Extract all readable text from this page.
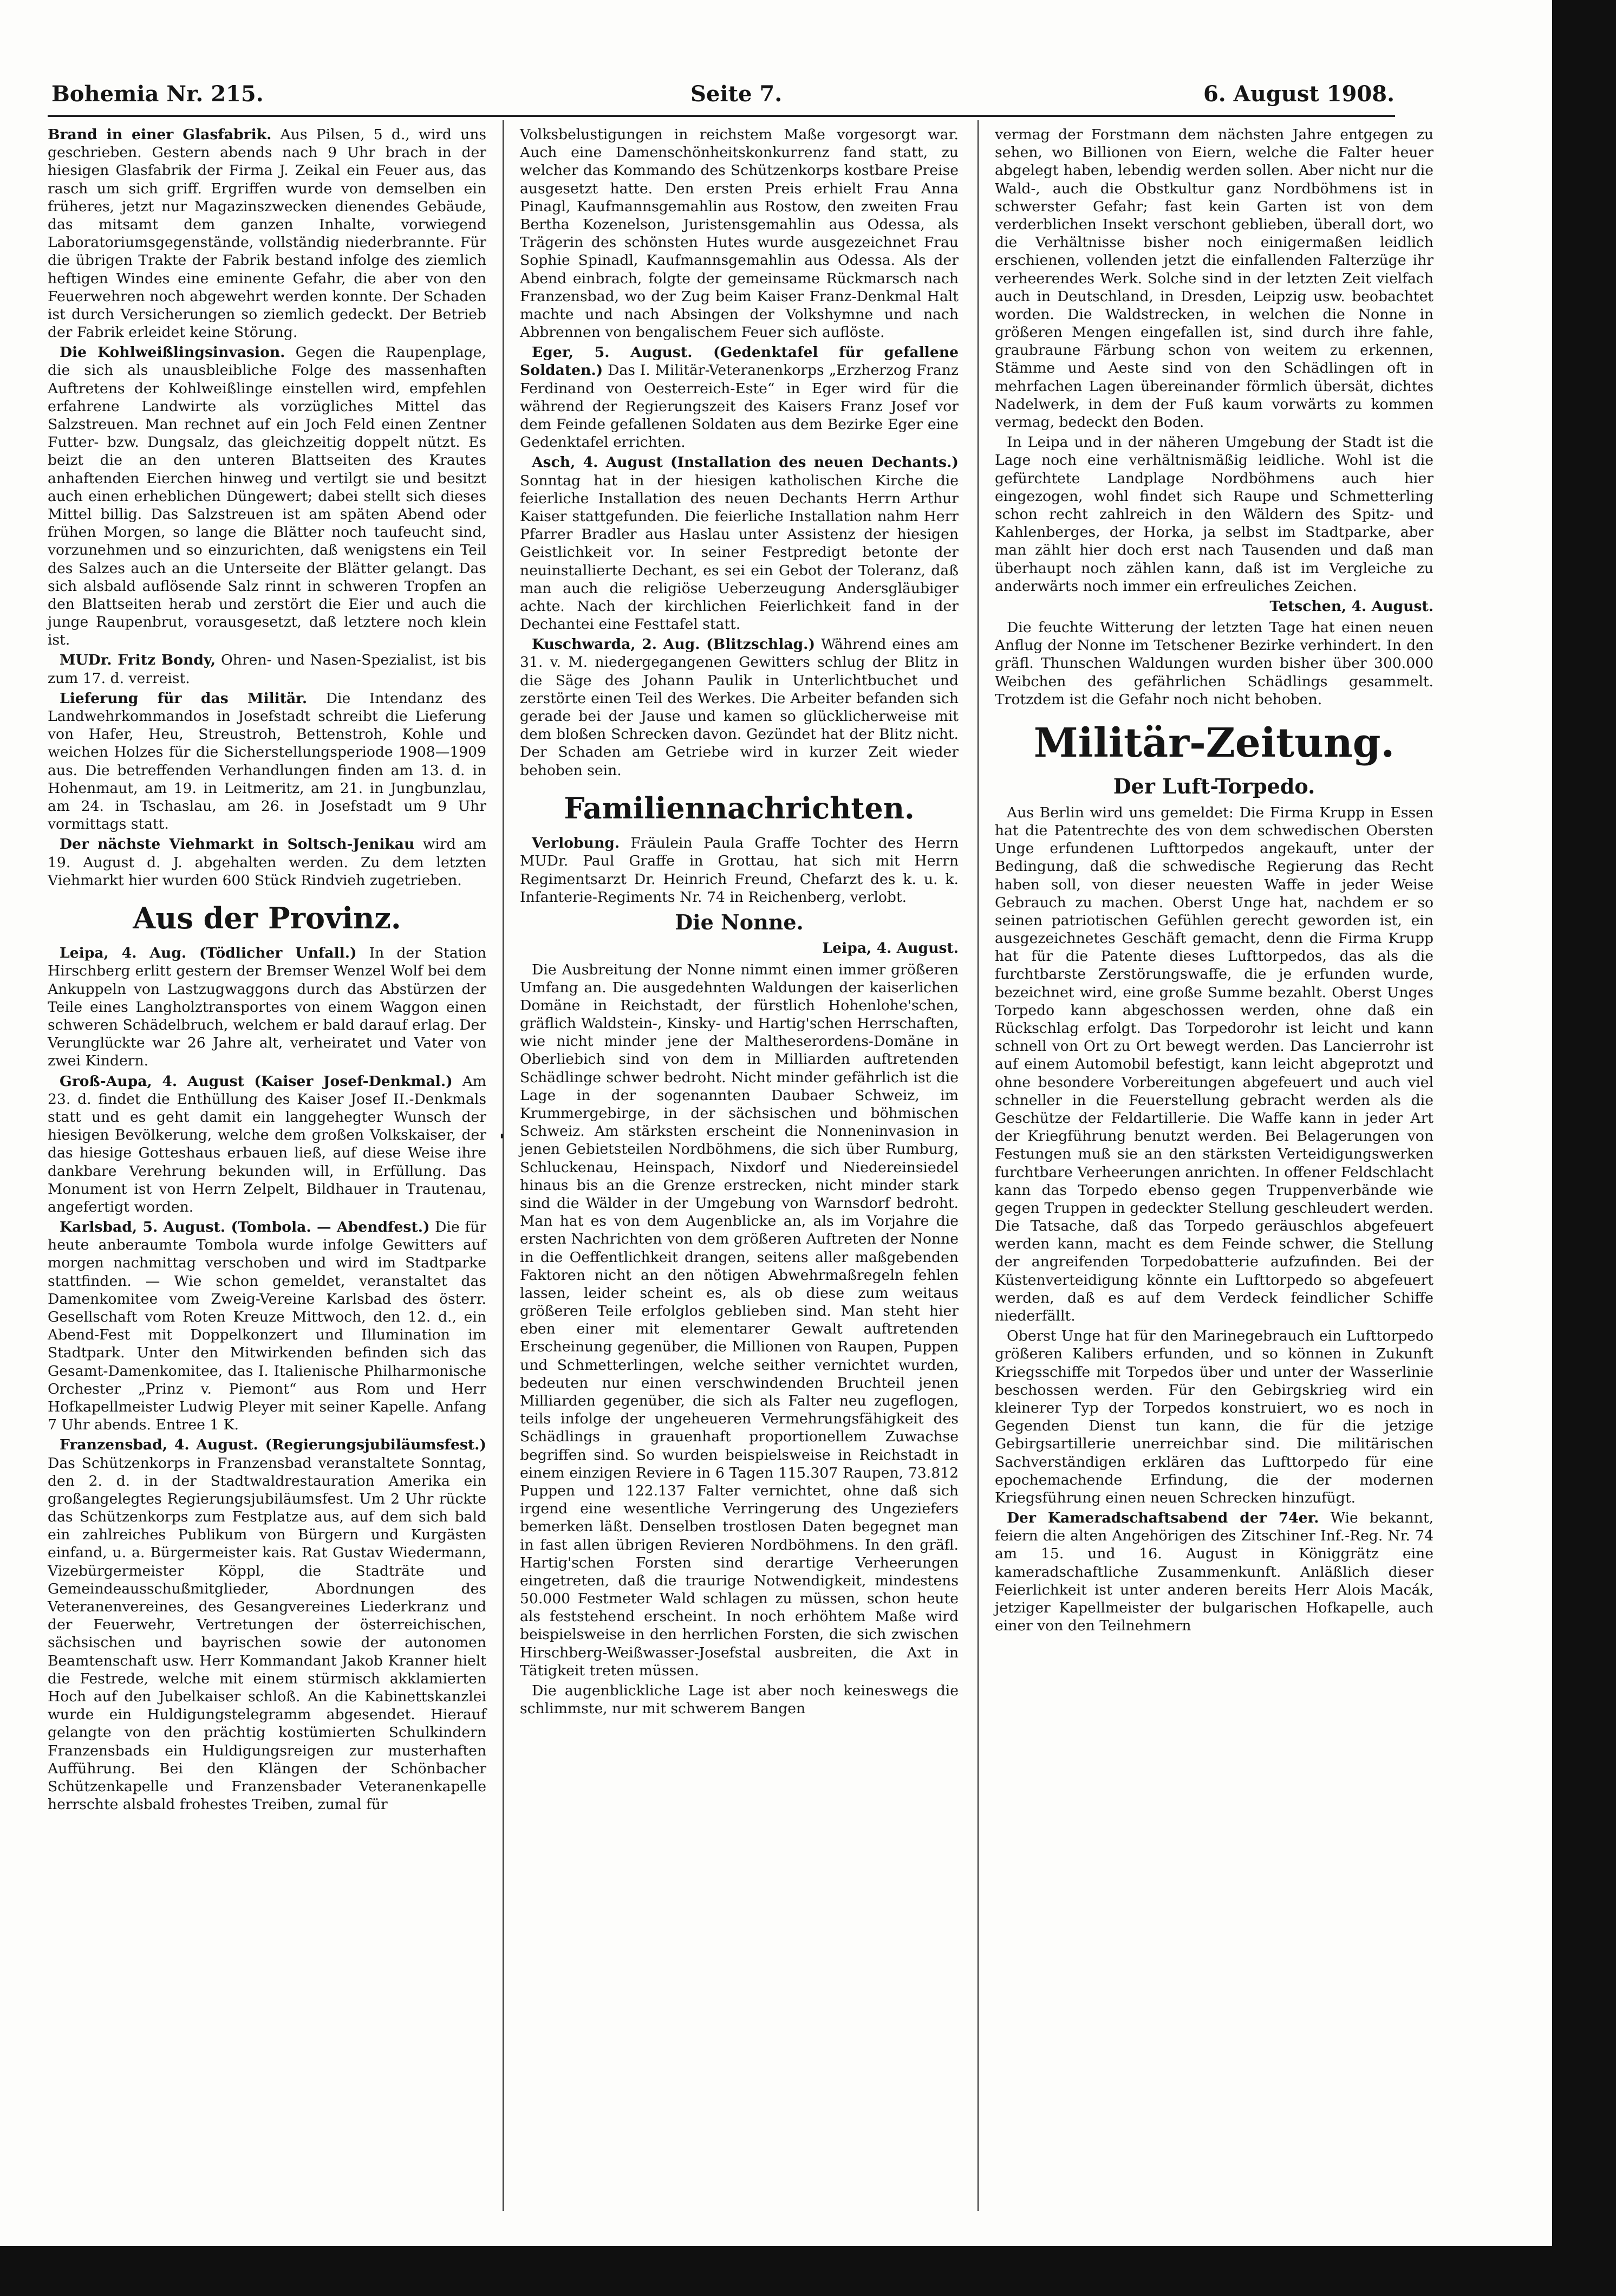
Bohemia Nr. 215.	Seite 7.	6. August 1908.
'

Brand in einer Glasfabrik. Aus Pilsen, 5 d., wird uns geschrieben. Gestern abends nach 9 Uhr brach in der hiesigen Glasfabrik der Firma J. Zeikal ein Feuer aus, das rasch um sich griff. Ergriffen wurde von demselben ein früheres, jetzt nur Magazinszwecken dienendes Gebäude, das mitsamt dem ganzen Inhalte, vorwiegend Laboratoriumsgegenstände, vollständig niederbrannte. Für die übrigen Trakte der Fabrik bestand infolge des ziemlich heftigen Windes eine eminente Gefahr, die aber von den Feuerwehren noch abgewehrt werden konnte. Der Schaden ist durch Versicherungen so ziemlich gedeckt. Der Betrieb der Fabrik erleidet keine Störung.

Die Kohlweißlingsinvasion. Gegen die Raupenplage, die sich als unausbleibliche Folge des massenhaften Auftretens der Kohlweißlinge einstellen wird, empfehlen erfahrene Landwirte als vorzügliches Mittel das Salzstreuen. Man rechnet auf ein Joch Feld einen Zentner Futter- bzw. Dungsalz, das gleichzeitig doppelt nützt. Es beizt die an den unteren Blattseiten des Krautes anhaftenden Eierchen hinweg und vertilgt sie und besitzt auch einen erheblichen Düngewert; dabei stellt sich dieses Mittel billig. Das Salzstreuen ist am späten Abend oder frühen Morgen, so lange die Blätter noch taufeucht sind, vorzunehmen und so einzurichten, daß wenigstens ein Teil des Salzes auch an die Unterseite der Blätter gelangt. Das sich alsbald auflösende Salz rinnt in schweren Tropfen an den Blattseiten herab und zerstört die Eier und auch die junge Raupenbrut, vorausgesetzt, daß letztere noch klein ist.

MUDr. Fritz Bondy, Ohren- und Nasen-Spezialist, ist bis zum 17. d. verreist.

Lieferung für das Militär. Die Intendanz des Landwehrkommandos in Josefstadt schreibt die Lieferung von Hafer, Heu, Streustroh, Bettenstroh, Kohle und weichen Holzes für die Sicherstellungsperiode 1908—1909 aus. Die betreffenden Verhandlungen finden am 13. d. in Hohenmaut, am 19. in Leitmeritz, am 21. in Jungbunzlau, am 24. in Tschaslau, am 26. in Josefstadt um 9 Uhr vormittags statt.

Der nächste Viehmarkt in Soltsch-Jenikau wird am 19. August d. J. abgehalten werden. Zu dem letzten Viehmarkt hier wurden 600 Stück Rindvieh zugetrieben.

Aus der Provinz.

Leipa, 4. Aug. (Tödlicher Unfall.) In der Station Hirschberg erlitt gestern der Bremser Wenzel Wolf bei dem Ankuppeln von Lastzugwaggons durch das Abstürzen der Teile eines Langholztransportes von einem Waggon einen schweren Schädelbruch, welchem er bald darauf erlag. Der Verunglückte war 26 Jahre alt, verheiratet und Vater von zwei Kindern.

Groß-Aupa, 4. August (Kaiser Josef-Denkmal.) Am 23. d. findet die Enthüllung des Kaiser Josef II.-Denkmals statt und es geht damit ein langgehegter Wunsch der hiesigen Bevölkerung, welche dem großen Volkskaiser, der das hiesige Gotteshaus erbauen ließ, auf diese Weise ihre dankbare Verehrung bekunden will, in Erfüllung. Das Monument ist von Herrn Zelpelt, Bildhauer in Trautenau, angefertigt worden.

Karlsbad, 5. August. (Tombola. — Abendfest.) Die für heute anberaumte Tombola wurde infolge Gewitters auf morgen nachmittag verschoben und wird im Stadtparke stattfinden. — Wie schon gemeldet, veranstaltet das Damenkomitee vom Zweig-Vereine Karlsbad des österr. Gesellschaft vom Roten Kreuze Mittwoch, den 12. d., ein Abend-Fest mit Doppelkonzert und Illumination im Stadtpark. Unter den Mitwirkenden befinden sich das Gesamt-Damenkomitee, das I. Italienische Philharmonische Orchester „Prinz v. Piemont“ aus Rom und Herr Hofkapellmeister Ludwig Pleyer mit seiner Kapelle. Anfang 7 Uhr abends. Entree 1 K.

Franzensbad, 4. August. (Regierungsjubiläumsfest.) Das Schützenkorps in Franzensbad veranstaltete Sonntag, den 2. d. in der Stadtwaldrestauration Amerika ein großangelegtes Regierungsjubiläumsfest. Um 2 Uhr rückte das Schützenkorps zum Festplatze aus, auf dem sich bald ein zahlreiches Publikum von Bürgern und Kurgästen einfand, u. a. Bürgermeister kais. Rat Gustav Wiedermann, Vizebürgermeister Köppl, die Stadträte und Gemeindeausschußmitglieder, Abordnungen des Veteranenvereines, des Gesangvereines Liederkranz und der Feuerwehr, Vertretungen der österreichischen, sächsischen und bayrischen sowie der autonomen Beamtenschaft usw. Herr Kommandant Jakob Kranner hielt die Festrede, welche mit einem stürmisch akklamierten Hoch auf den Jubelkaiser schloß. An die Kabinettskanzlei wurde ein Huldigungstelegramm abgesendet. Hierauf gelangte von den prächtig kostümierten Schulkindern Franzensbads ein Huldigungsreigen zur musterhaften Aufführung. Bei den Klängen der Schönbacher Schützenkapelle und Franzensbader Veteranenkapelle herrschte alsbald frohestes Treiben, zumal für

Volksbelustigungen in reichstem Maße vorgesorgt war. Auch eine Damenschönheitskonkurrenz fand statt, zu welcher das Kommando des Schützenkorps kostbare Preise ausgesetzt hatte. Den ersten Preis erhielt Frau Anna Pinagl, Kaufmannsgemahlin aus Rostow, den zweiten Frau Bertha Kozenelson, Juristensgemahlin aus Odessa, als Trägerin des schönsten Hutes wurde ausgezeichnet Frau Sophie Spinadl, Kaufmannsgemahlin aus Odessa. Als der Abend einbrach, folgte der gemeinsame Rückmarsch nach Franzensbad, wo der Zug beim Kaiser Franz-Denkmal Halt machte und nach Absingen der Volkshymne und nach Abbrennen von bengalischem Feuer sich auflöste.

Eger, 5. August. (Gedenktafel für gefallene Soldaten.) Das I. Militär-Veteranenkorps „Erzherzog Franz Ferdinand von Oesterreich-Este“ in Eger wird für die während der Regierungszeit des Kaisers Franz Josef vor dem Feinde gefallenen Soldaten aus dem Bezirke Eger eine Gedenktafel errichten.

Asch, 4. August (Installation des neuen Dechants.) Sonntag hat in der hiesigen katholischen Kirche die feierliche Installation des neuen Dechants Herrn Arthur Kaiser stattgefunden. Die feierliche Installation nahm Herr Pfarrer Bradler aus Haslau unter Assistenz der hiesigen Geistlichkeit vor. In seiner Festpredigt betonte der neuinstallierte Dechant, es sei ein Gebot der Toleranz, daß man auch die religiöse Ueberzeugung Andersgläubiger achte. Nach der kirchlichen Feierlichkeit fand in der Dechantei eine Festtafel statt.

Kuschwarda, 2. Aug. (Blitzschlag.) Während eines am 31. v. M. niedergegangenen Gewitters schlug der Blitz in die Säge des Johann Paulik in Unterlichtbuchet und zerstörte einen Teil des Werkes. Die Arbeiter befanden sich gerade bei der Jause und kamen so glücklicherweise mit dem bloßen Schrecken davon. Gezündet hat der Blitz nicht. Der Schaden am Getriebe wird in kurzer Zeit wieder behoben sein.

Familiennachrichten.

Verlobung. Fräulein Paula Graffe Tochter des Herrn MUDr. Paul Graffe in Grottau, hat sich mit Herrn Regimentsarzt Dr. Heinrich Freund, Chefarzt des k. u. k. Infanterie-Regiments Nr. 74 in Reichenberg, verlobt.

Die Nonne.
Leipa, 4. August.

Die Ausbreitung der Nonne nimmt einen immer größeren Umfang an. Die ausgedehnten Waldungen der kaiserlichen Domäne in Reichstadt, der fürstlich Hohenlohe'schen, gräflich Waldstein-, Kinsky- und Hartig'schen Herrschaften, wie nicht minder jene der Maltheserordens-Domäne in Oberliebich sind von dem in Milliarden auftretenden Schädlinge schwer bedroht. Nicht minder gefährlich ist die Lage in der sogenannten Daubaer Schweiz, im Krummergebirge, in der sächsischen und böhmischen Schweiz. Am stärksten erscheint die Nonneninvasion in jenen Gebietsteilen Nordböhmens, die sich über Rumburg, Schluckenau, Heinspach, Nixdorf und Niedereinsiedel hinaus bis an die Grenze erstrecken, nicht minder stark sind die Wälder in der Umgebung von Warnsdorf bedroht. Man hat es von dem Augenblicke an, als im Vorjahre die ersten Nachrichten von dem größeren Auftreten der Nonne in die Oeffentlichkeit drangen, seitens aller maßgebenden Faktoren nicht an den nötigen Abwehrmaßregeln fehlen lassen, leider scheint es, als ob diese zum weitaus größeren Teile erfolglos geblieben sind. Man steht hier eben einer mit elementarer Gewalt auftretenden Erscheinung gegenüber, die Millionen von Raupen, Puppen und Schmetterlingen, welche seither vernichtet wurden, bedeuten nur einen verschwindenden Bruchteil jenen Milliarden gegenüber, die sich als Falter neu zugeflogen, teils infolge der ungeheueren Vermehrungsfähigkeit des Schädlings in grauenhaft proportionellem Zuwachse begriffen sind. So wurden beispielsweise in Reichstadt in einem einzigen Reviere in 6 Tagen 115.307 Raupen, 73.812 Puppen und 122.137 Falter vernichtet, ohne daß sich irgend eine wesentliche Verringerung des Ungeziefers bemerken läßt. Denselben trostlosen Daten begegnet man in fast allen übrigen Revieren Nordböhmens. In den gräfl. Hartig'schen Forsten sind derartige Verheerungen eingetreten, daß die traurige Notwendigkeit, mindestens 50.000 Festmeter Wald schlagen zu müssen, schon heute als feststehend erscheint. In noch erhöhtem Maße wird beispielsweise in den herrlichen Forsten, die sich zwischen Hirschberg-Weißwasser-Josefstal ausbreiten, die Axt in Tätigkeit treten müssen.

Die augenblickliche Lage ist aber noch keineswegs die schlimmste, nur mit schwerem Bangen

vermag der Forstmann dem nächsten Jahre entgegen zu sehen, wo Billionen von Eiern, welche die Falter heuer abgelegt haben, lebendig werden sollen. Aber nicht nur die Wald-, auch die Obstkultur ganz Nordböhmens ist in schwerster Gefahr; fast kein Garten ist von dem verderblichen Insekt verschont geblieben, überall dort, wo die Verhältnisse bisher noch einigermaßen leidlich erschienen, vollenden jetzt die einfallenden Falterzüge ihr verheerendes Werk. Solche sind in der letzten Zeit vielfach auch in Deutschland, in Dresden, Leipzig usw. beobachtet worden. Die Waldstrecken, in welchen die Nonne in größeren Mengen eingefallen ist, sind durch ihre fahle, graubraune Färbung schon von weitem zu erkennen, Stämme und Aeste sind von den Schädlingen oft in mehrfachen Lagen übereinander förmlich übersät, dichtes Nadelwerk, in dem der Fuß kaum vorwärts zu kommen vermag, bedeckt den Boden.

In Leipa und in der näheren Umgebung der Stadt ist die Lage noch eine verhältnismäßig leidliche. Wohl ist die gefürchtete Landplage Nordböhmens auch hier eingezogen, wohl findet sich Raupe und Schmetterling schon recht zahlreich in den Wäldern des Spitz- und Kahlenberges, der Horka, ja selbst im Stadtparke, aber man zählt hier doch erst nach Tausenden und daß man überhaupt noch zählen kann, daß ist im Vergleiche zu anderwärts noch immer ein erfreuliches Zeichen.

Tetschen, 4. August.

Die feuchte Witterung der letzten Tage hat einen neuen Anflug der Nonne im Tetschener Bezirke verhindert. In den gräfl. Thunschen Waldungen wurden bisher über 300.000 Weibchen des gefährlichen Schädlings gesammelt. Trotzdem ist die Gefahr noch nicht behoben.

Militär-Zeitung.
Der Luft-Torpedo.

Aus Berlin wird uns gemeldet: Die Firma Krupp in Essen hat die Patentrechte des von dem schwedischen Obersten Unge erfundenen Lufttorpedos angekauft, unter der Bedingung, daß die schwedische Regierung das Recht haben soll, von dieser neuesten Waffe in jeder Weise Gebrauch zu machen. Oberst Unge hat, nachdem er so seinen patriotischen Gefühlen gerecht geworden ist, ein ausgezeichnetes Geschäft gemacht, denn die Firma Krupp hat für die Patente dieses Lufttorpedos, das als die furchtbarste Zerstörungswaffe, die je erfunden wurde, bezeichnet wird, eine große Summe bezahlt. Oberst Unges Torpedo kann abgeschossen werden, ohne daß ein Rückschlag erfolgt. Das Torpedorohr ist leicht und kann schnell von Ort zu Ort bewegt werden. Das Lancierrohr ist auf einem Automobil befestigt, kann leicht abgeprotzt und ohne besondere Vorbereitungen abgefeuert und auch viel schneller in die Feuerstellung gebracht werden als die Geschütze der Feldartillerie. Die Waffe kann in jeder Art der Kriegführung benutzt werden. Bei Belagerungen von Festungen muß sie an den stärksten Verteidigungswerken furchtbare Verheerungen anrichten. In offener Feldschlacht kann das Torpedo ebenso gegen Truppenverbände wie gegen Truppen in gedeckter Stellung geschleudert werden. Die Tatsache, daß das Torpedo geräuschlos abgefeuert werden kann, macht es dem Feinde schwer, die Stellung der angreifenden Torpedobatterie aufzufinden. Bei der Küstenverteidigung könnte ein Lufttorpedo so abgefeuert werden, daß es auf dem Verdeck feindlicher Schiffe niederfällt.

Oberst Unge hat für den Marinegebrauch ein Lufttorpedo größeren Kalibers erfunden, und so können in Zukunft Kriegsschiffe mit Torpedos über und unter der Wasserlinie beschossen werden. Für den Gebirgskrieg wird ein kleinerer Typ der Torpedos konstruiert, wo es noch in Gegenden Dienst tun kann, die für die jetzige Gebirgsartillerie unerreichbar sind. Die militärischen Sachverständigen erklären das Lufttorpedo für eine epochemachende Erfindung, die der modernen Kriegsführung einen neuen Schrecken hinzufügt.

Der Kameradschaftsabend der 74er. Wie bekannt, feiern die alten Angehörigen des Zitschiner Inf.-Reg. Nr. 74 am 15. und 16. August in Königgrätz eine kameradschaftliche Zusammenkunft. Anläßlich dieser Feierlichkeit ist unter anderen bereits Herr Alois Macák, jetziger Kapellmeister der bulgarischen Hofkapelle, auch einer von den Teilnehmern
